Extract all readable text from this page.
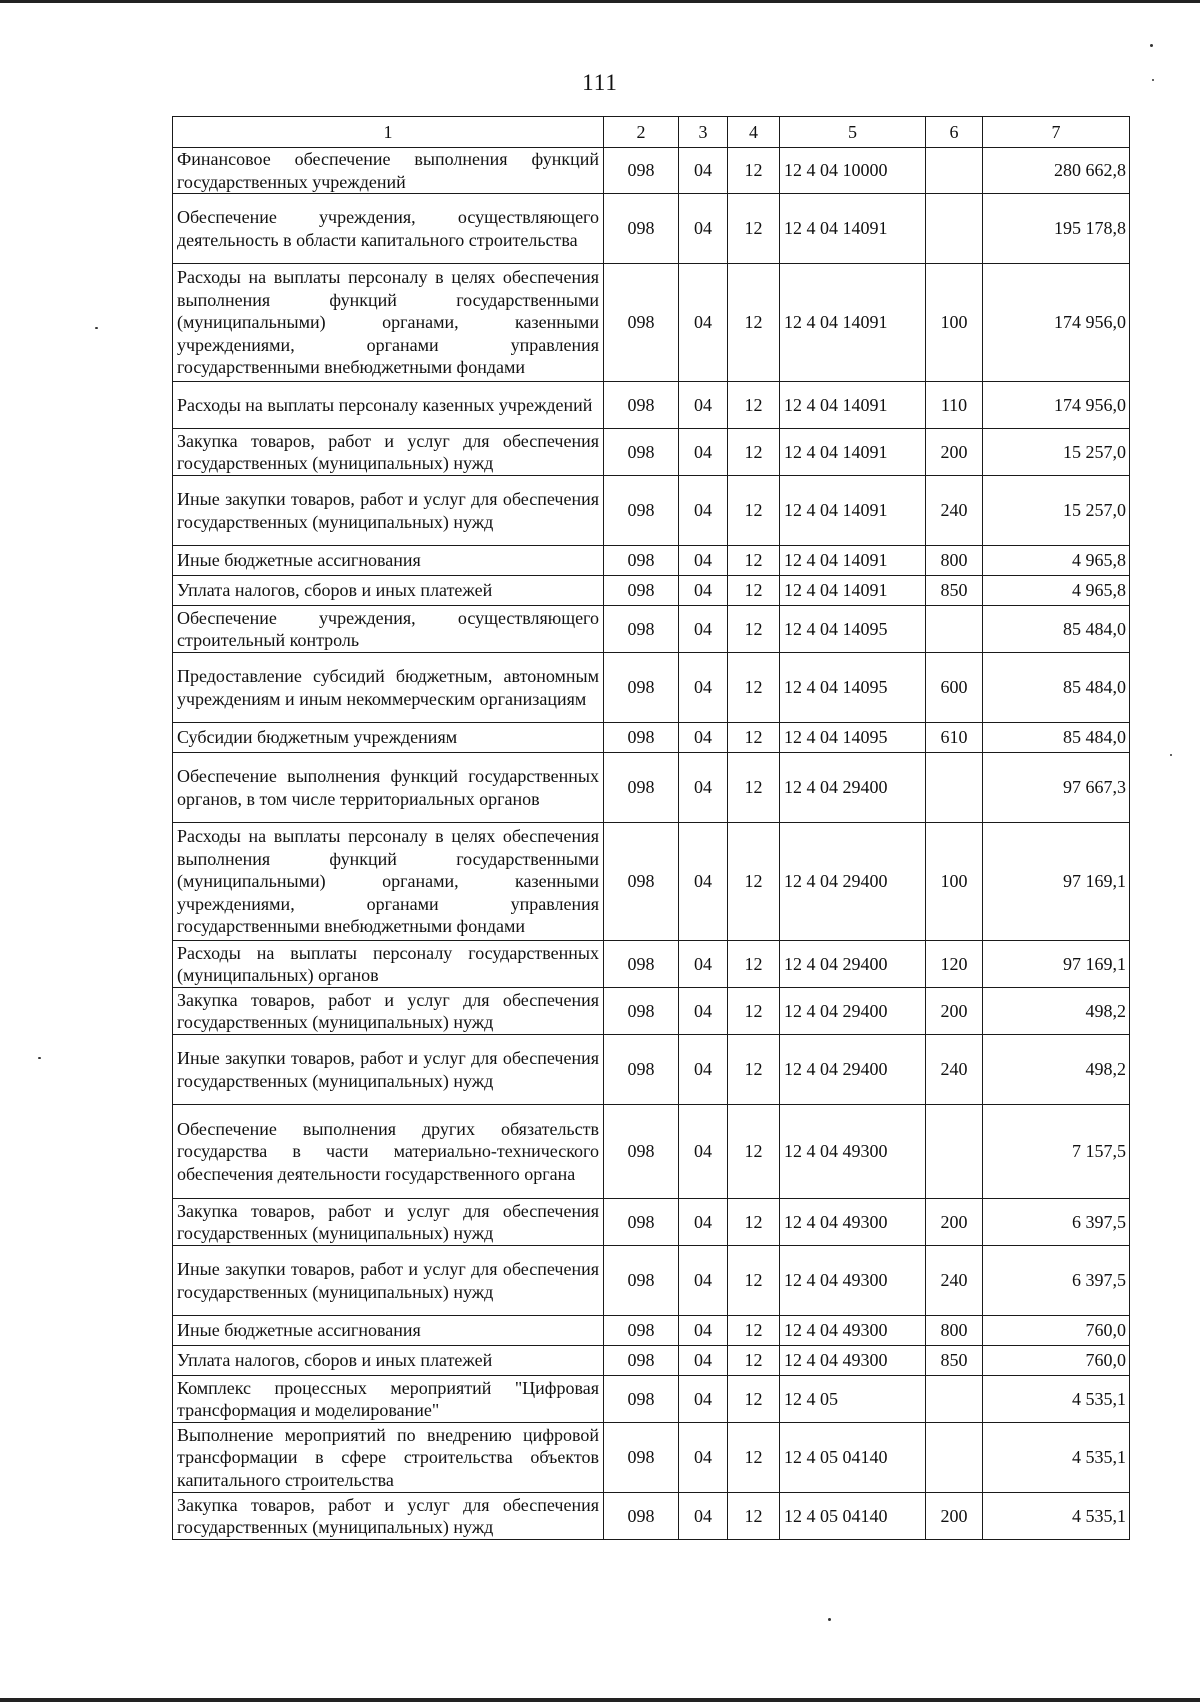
111
1	2	3	4	5	6	7
Финансовое обеспечение выполнения функций государственных учреждений	098	04	12	12 4 04 10000		280 662,8
Обеспечение учреждения, осуществляющего деятельность в области капитального строительства	098	04	12	12 4 04 14091		195 178,8
Расходы на выплаты персоналу в целях обеспечения выполнения функций государственными (муниципальными) органами, казенными учреждениями, органами управления государственными внебюджетными фондами	098	04	12	12 4 04 14091	100	174 956,0
Расходы на выплаты персоналу казенных учреждений	098	04	12	12 4 04 14091	110	174 956,0
Закупка товаров, работ и услуг для обеспечения государственных (муниципальных) нужд	098	04	12	12 4 04 14091	200	15 257,0
Иные закупки товаров, работ и услуг для обеспечения государственных (муниципальных) нужд	098	04	12	12 4 04 14091	240	15 257,0
Иные бюджетные ассигнования	098	04	12	12 4 04 14091	800	4 965,8
Уплата налогов, сборов и иных платежей	098	04	12	12 4 04 14091	850	4 965,8
Обеспечение учреждения, осуществляющего строительный контроль	098	04	12	12 4 04 14095		85 484,0
Предоставление субсидий бюджетным, автономным учреждениям и иным некоммерческим организациям	098	04	12	12 4 04 14095	600	85 484,0
Субсидии бюджетным учреждениям	098	04	12	12 4 04 14095	610	85 484,0
Обеспечение выполнения функций государственных органов, в том числе территориальных органов	098	04	12	12 4 04 29400		97 667,3
Расходы на выплаты персоналу в целях обеспечения выполнения функций государственными (муниципальными) органами, казенными учреждениями, органами управления государственными внебюджетными фондами	098	04	12	12 4 04 29400	100	97 169,1
Расходы на выплаты персоналу государственных (муниципальных) органов	098	04	12	12 4 04 29400	120	97 169,1
Закупка товаров, работ и услуг для обеспечения государственных (муниципальных) нужд	098	04	12	12 4 04 29400	200	498,2
Иные закупки товаров, работ и услуг для обеспечения государственных (муниципальных) нужд	098	04	12	12 4 04 29400	240	498,2
Обеспечение выполнения других обязательств государства в части материально-технического обеспечения деятельности государственного органа	098	04	12	12 4 04 49300		7 157,5
Закупка товаров, работ и услуг для обеспечения государственных (муниципальных) нужд	098	04	12	12 4 04 49300	200	6 397,5
Иные закупки товаров, работ и услуг для обеспечения государственных (муниципальных) нужд	098	04	12	12 4 04 49300	240	6 397,5
Иные бюджетные ассигнования	098	04	12	12 4 04 49300	800	760,0
Уплата налогов, сборов и иных платежей	098	04	12	12 4 04 49300	850	760,0
Комплекс процессных мероприятий "Цифровая трансформация и моделирование"	098	04	12	12 4 05		4 535,1
Выполнение мероприятий по внедрению цифровой трансформации в сфере строительства объектов капитального строительства	098	04	12	12 4 05 04140		4 535,1
Закупка товаров, работ и услуг для обеспечения государственных (муниципальных) нужд	098	04	12	12 4 05 04140	200	4 535,1
